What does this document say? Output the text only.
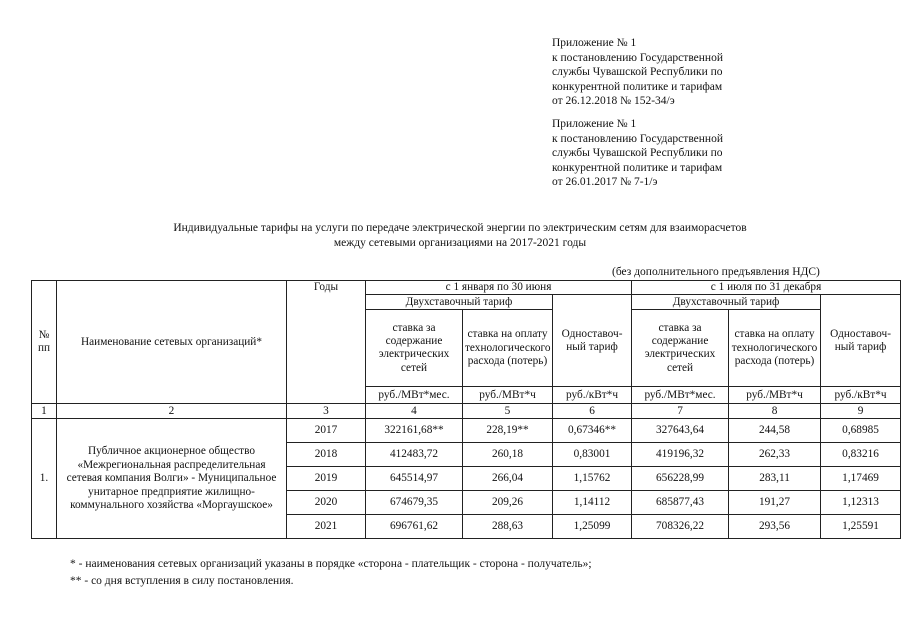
Приложение № 1
к постановлению Государственной
службы Чувашской Республики по
конкурентной политике и тарифам
от 26.12.2018 № 152-34/э
Приложение № 1
к постановлению Государственной
службы Чувашской Республики по
конкурентной политике и тарифам
от 26.01.2017 № 7-1/э
Индивидуальные тарифы на услуги по передаче электрической энергии по электрическим сетям для взаиморасчетов
между сетевыми организациями на 2017-2021 годы
(без дополнительного предъявления НДС)
№ пп	Наименование сетевых организаций*	Годы	с 1 января по 30 июня			с 1 июля по 31 декабря		
			Двухставочный тариф		Одноставоч-ный тариф	Двухставочный тариф		Одноставоч-ный тариф
			ставка за содержание электрических сетей	ставка на оплату технологического расхода (потерь)		ставка за содержание электрических сетей	ставка на оплату технологического расхода (потерь)	
			руб./МВт*мес.	руб./МВт*ч	руб./кВт*ч	руб./МВт*мес.	руб./МВт*ч	руб./кВт*ч
1	2	3	4	5	6	7	8	9
1.	Публичное акционерное общество «Межрегиональная распределительная сетевая компания Волги» - Муниципальное унитарное предприятие жилищно-коммунального хозяйства «Моргаушское»	2017	322161,68**	228,19**	0,67346**	327643,64	244,58	0,68985
		2018	412483,72	260,18	0,83001	419196,32	262,33	0,83216
		2019	645514,97	266,04	1,15762	656228,99	283,11	1,17469
		2020	674679,35	209,26	1,14112	685877,43	191,27	1,12313
		2021	696761,62	288,63	1,25099	708326,22	293,56	1,25591
* - наименования сетевых организаций указаны в порядке «сторона - плательщик - сторона - получатель»;
** - со дня вступления в силу постановления.
